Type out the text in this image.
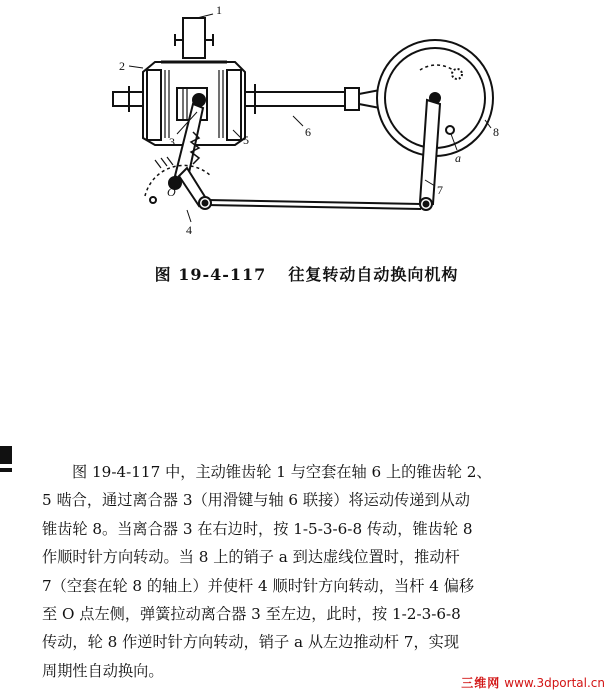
1
2
3
4
5
6
7
8
O
a
图 19-4-117 往复转动自动换向机构
图 19-4-117 中，主动锥齿轮 1 与空套在轴 6 上的锥齿轮 2、
5 啮合，通过离合器 3（用滑键与轴 6 联接）将运动传递到从动
锥齿轮 8。当离合器 3 在右边时，按 1-5-3-6-8 传动，锥齿轮 8
作顺时针方向转动。当 8 上的销子 a 到达虚线位置时，推动杆
7（空套在轮 8 的轴上）并使杆 4 顺时针方向转动，当杆 4 偏移
至 O 点左侧，弹簧拉动离合器 3 至左边，此时，按 1-2-3-6-8
传动，轮 8 作逆时针方向转动，销子 a 从左边推动杆 7，实现
周期性自动换向。
三维网 www.3dportal.cn
